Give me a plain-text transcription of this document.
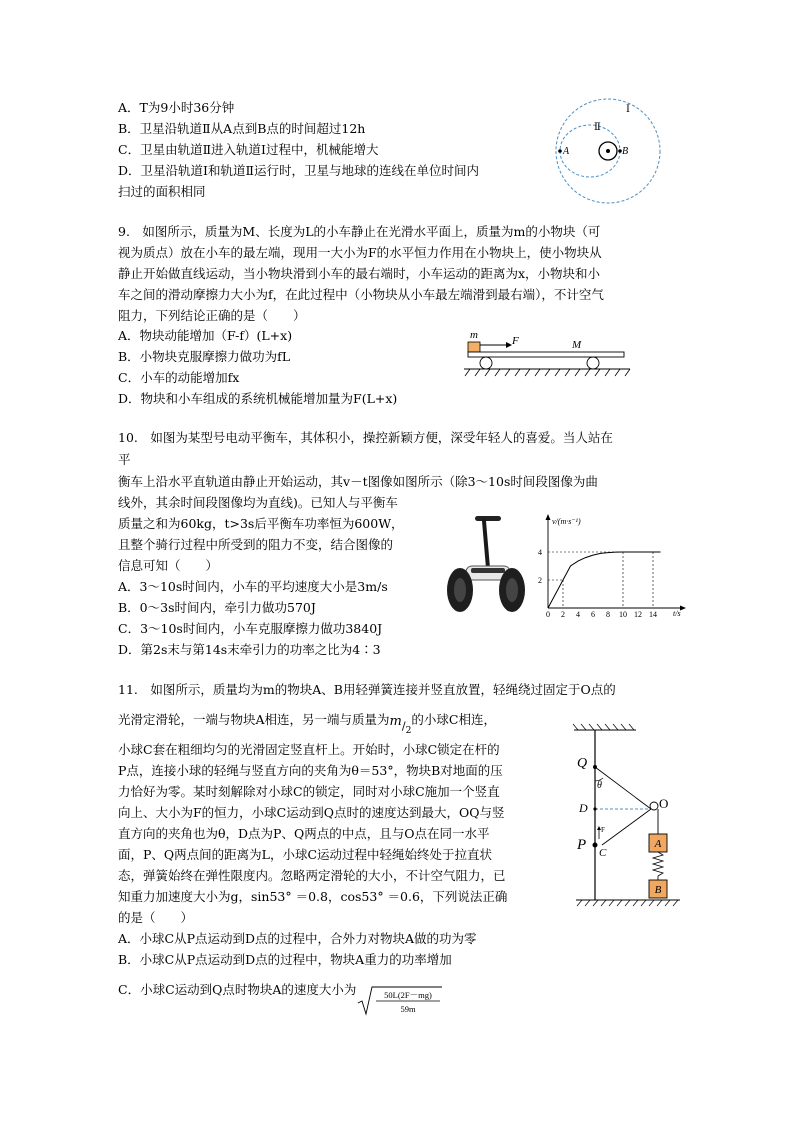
A．T为9小时36分钟
B．卫星沿轨道Ⅱ从A点到B点的时间超过12h
C．卫星由轨道Ⅱ进入轨道Ⅰ过程中，机械能增大
D．卫星沿轨道Ⅰ和轨道Ⅱ运行时，卫星与地球的连线在单位时间内
扫过的面积相同
A	B
Ⅱ
Ⅰ
9.　如图所示，质量为M、长度为L的小车静止在光滑水平面上，质量为m的小物块（可
视为质点）放在小车的最左端，现用一大小为F的水平恒力作用在小物块上，使小物块从
静止开始做直线运动，当小物块滑到小车的最右端时，小车运动的距离为x，小物块和小
车之间的滑动摩擦力大小为f，在此过程中（小物块从小车最左端滑到最右端），不计空气
阻力，下列结论正确的是（　　）
A．物块动能增加（F-f）(L+x)
B．小物块克服摩擦力做功为fL
C．小车的动能增加fx
D．物块和小车组成的系统机械能增加量为F(L+x)
m	F	M
10.　如图为某型号电动平衡车，其体积小，操控新颖方便，深受年轻人的喜爱。当人站在
平
衡车上沿水平直轨道由静止开始运动，其v－t图像如图所示（除3～10s时间段图像为曲
线外，其余时间段图像均为直线)。已知人与平衡车
质量之和为60kg，t>3s后平衡车功率恒为600W，
且整个骑行过程中所受到的阻力不变，结合图像的
信息可知（　　）
A．3～10s时间内，小车的平均速度大小是3m/s
B．0～3s时间内，牵引力做功570J
C．3～10s时间内，小车克服摩擦力做功3840J
D．第2s末与第14s末牵引力的功率之比为4∶3
v/(m·s⁻¹)
t/s
0 2 4 6 8 10 12 14
2
4
11.　如图所示，质量均为m的物块A、B用轻弹簧连接并竖直放置，轻绳绕过固定于O点的
光滑定滑轮，一端与物块A相连，另一端与质量为$^m/_2$的小球C相连，
小球C套在粗细均匀的光滑固定竖直杆上。开始时，小球C锁定在杆的
P点，连接小球的轻绳与竖直方向的夹角为θ＝53°，物块B对地面的压
力恰好为零。某时刻解除对小球C的锁定，同时对小球C施加一个竖直
向上、大小为F的恒力，小球C运动到Q点时的速度达到最大，OQ与竖
直方向的夹角也为θ，D点为P、Q两点的中点，且与O点在同一水平
面，P、Q两点间的距离为L，小球C运动过程中轻绳始终处于拉直状
态，弹簧始终在弹性限度内。忽略两定滑轮的大小，不计空气阻力，已
知重力加速度大小为g，sin53° ＝0.8，cos53° ＝0.6，下列说法正确
的是（　　）
A．小球C从P点运动到D点的过程中，合外力对物块A做的功为零
B．小球C从P点运动到D点的过程中，物块A重力的功率增加
C．小球C运动到Q点时物块A的速度大小为	50L(2F－mg)
59m
F
Q
θ
D
P C
O
A
B
